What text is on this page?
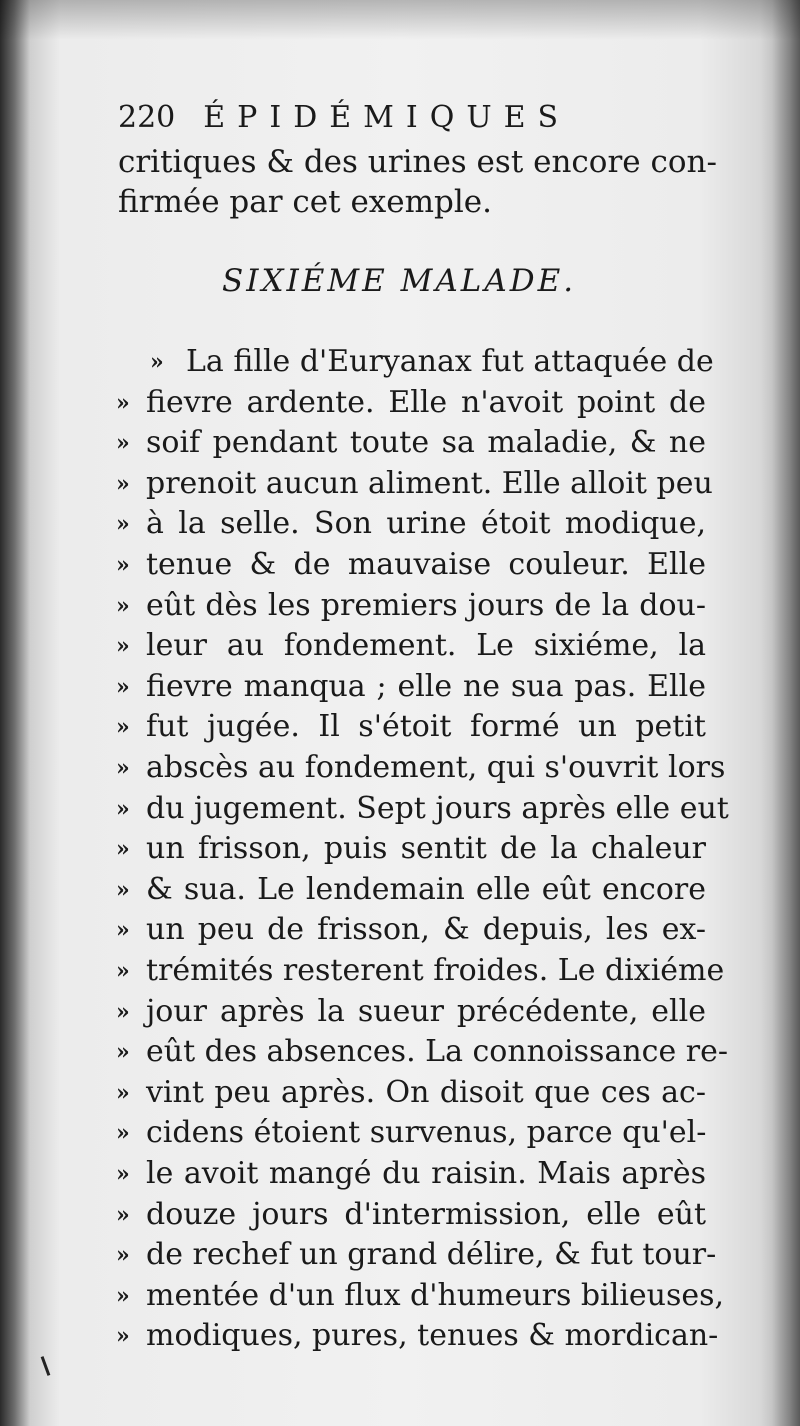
220 ÉPIDÉMIQUES
critiques & des urines est encore con-
firmée par cet exemple.
SIXIÉME MALADE.
» La fille d'Euryanax fut attaquée de
» fievre ardente. Elle n'avoit point de
» soif pendant toute sa maladie, & ne
» prenoit aucun aliment. Elle alloit peu
» à la selle. Son urine étoit modique,
» tenue & de mauvaise couleur. Elle
» eût dès les premiers jours de la dou-
» leur au fondement. Le sixiéme, la
» fievre manqua ; elle ne sua pas. Elle
» fut jugée. Il s'étoit formé un petit
» abscès au fondement, qui s'ouvrit lors
» du jugement. Sept jours après elle eut
» un frisson, puis sentit de la chaleur
» & sua. Le lendemain elle eût encore
» un peu de frisson, & depuis, les ex-
» trémités resterent froides. Le dixiéme
» jour après la sueur précédente, elle
» eût des absences. La connoissance re-
» vint peu après. On disoit que ces ac-
» cidens étoient survenus, parce qu'el-
» le avoit mangé du raisin. Mais après
» douze jours d'intermission, elle eût
» de rechef un grand délire, & fut tour-
» mentée d'un flux d'humeurs bilieuses,
» modiques, pures, tenues & mordican-
